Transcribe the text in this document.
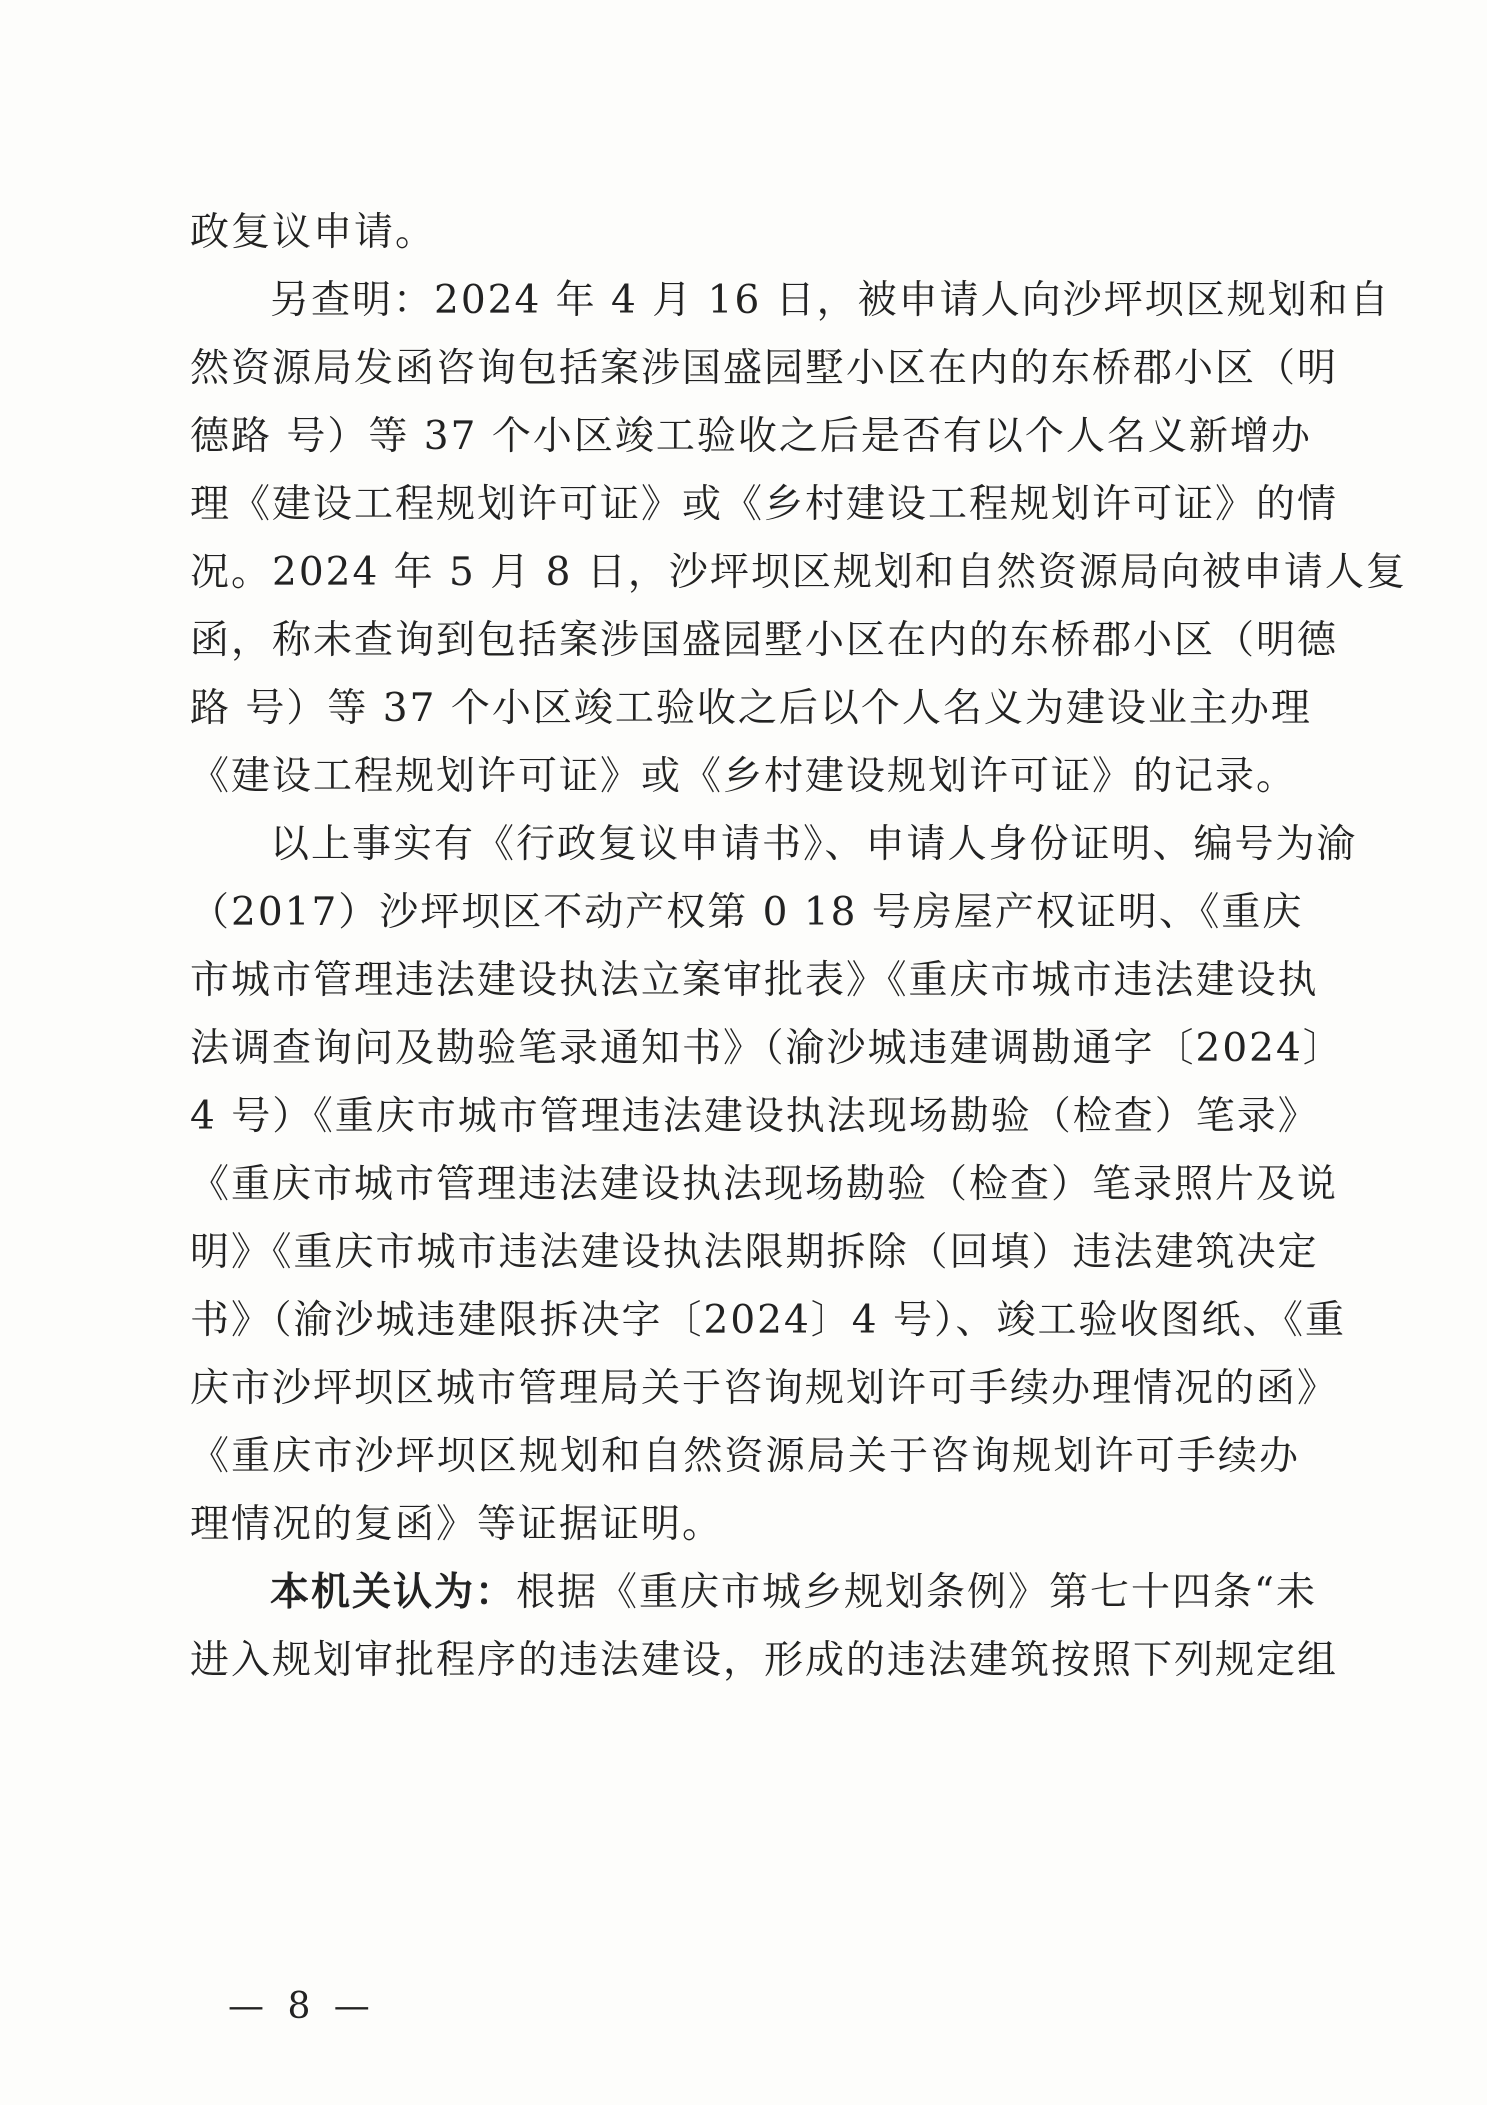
政复议申请。
另查明：2024 年 4 月 16 日，被申请人向沙坪坝区规划和自
然资源局发函咨询包括案涉国盛园墅小区在内的东桥郡小区（明
德路 号）等 37 个小区竣工验收之后是否有以个人名义新增办
理《建设工程规划许可证》或《乡村建设工程规划许可证》的情
况。2024 年 5 月 8 日，沙坪坝区规划和自然资源局向被申请人复
函，称未查询到包括案涉国盛园墅小区在内的东桥郡小区（明德
路 号）等 37 个小区竣工验收之后以个人名义为建设业主办理
《建设工程规划许可证》或《乡村建设规划许可证》的记录。
以上事实有《行政复议申请书》、申请人身份证明、编号为渝
（2017）沙坪坝区不动产权第 0 18 号房屋产权证明、《重庆
市城市管理违法建设执法立案审批表》《重庆市城市违法建设执
法调查询问及勘验笔录通知书》（渝沙城违建调勘通字〔2024〕
4 号）《重庆市城市管理违法建设执法现场勘验（检查）笔录》
《重庆市城市管理违法建设执法现场勘验（检查）笔录照片及说
明》《重庆市城市违法建设执法限期拆除（回填）违法建筑决定
书》（渝沙城违建限拆决字〔2024〕4 号）、竣工验收图纸、《重
庆市沙坪坝区城市管理局关于咨询规划许可手续办理情况的函》
《重庆市沙坪坝区规划和自然资源局关于咨询规划许可手续办
理情况的复函》等证据证明。
本机关认为：根据《重庆市城乡规划条例》第七十四条“未
进入规划审批程序的违法建设，形成的违法建筑按照下列规定组
— 8 —
